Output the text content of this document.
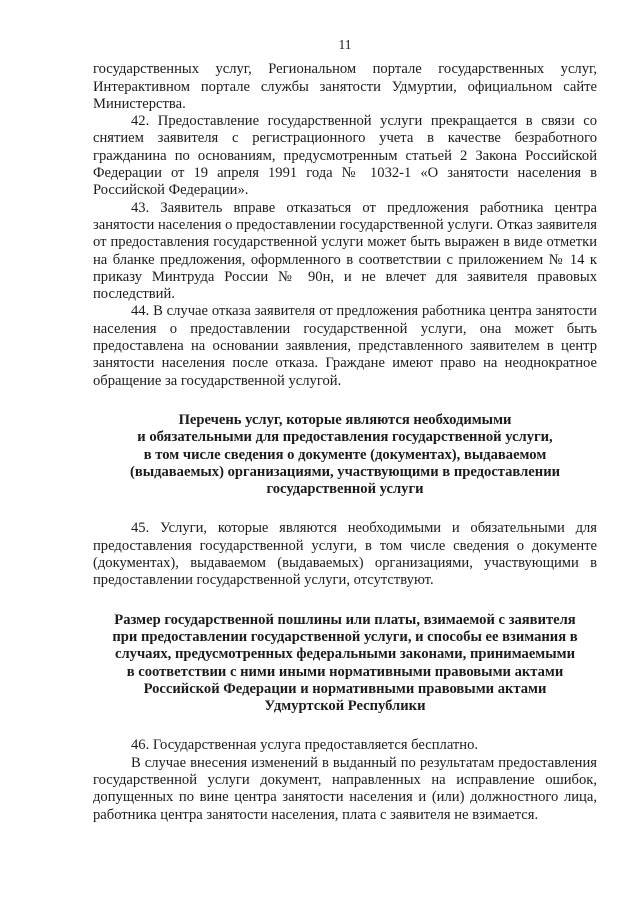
11

государственных услуг, Региональном портале государственных услуг, Интерактивном портале службы занятости Удмуртии, официальном сайте Министерства.

42. Предоставление государственной услуги прекращается в связи со снятием заявителя с регистрационного учета в качестве безработного гражданина по основаниям, предусмотренным статьей 2 Закона Российской Федерации от 19 апреля 1991 года № 1032-1 «О занятости населения в Российской Федерации».

43. Заявитель вправе отказаться от предложения работника центра занятости населения о предоставлении государственной услуги. Отказ заявителя от предоставления государственной услуги может быть выражен в виде отметки на бланке предложения, оформленного в соответствии с приложением № 14 к приказу Минтруда России № 90н, и не влечет для заявителя правовых последствий.

44. В случае отказа заявителя от предложения работника центра занятости населения о предоставлении государственной услуги, она может быть предоставлена на основании заявления, представленного заявителем в центр занятости населения после отказа. Граждане имеют право на неоднократное обращение за государственной услугой.

Перечень услуг, которые являются необходимыми
и обязательными для предоставления государственной услуги,
в том числе сведения о документе (документах), выдаваемом
(выдаваемых) организациями, участвующими в предоставлении
государственной услуги

45. Услуги, которые являются необходимыми и обязательными для предоставления государственной услуги, в том числе сведения о документе (документах), выдаваемом (выдаваемых) организациями, участвующими в предоставлении государственной услуги, отсутствуют.

Размер государственной пошлины или платы, взимаемой с заявителя
при предоставлении государственной услуги, и способы ее взимания в
случаях, предусмотренных федеральными законами, принимаемыми
в соответствии с ними иными нормативными правовыми актами
Российской Федерации и нормативными правовыми актами
Удмуртской Республики

46. Государственная услуга предоставляется бесплатно.

В случае внесения изменений в выданный по результатам предоставления государственной услуги документ, направленных на исправление ошибок, допущенных по вине центра занятости населения и (или) должностного лица, работника центра занятости населения, плата с заявителя не взимается.
